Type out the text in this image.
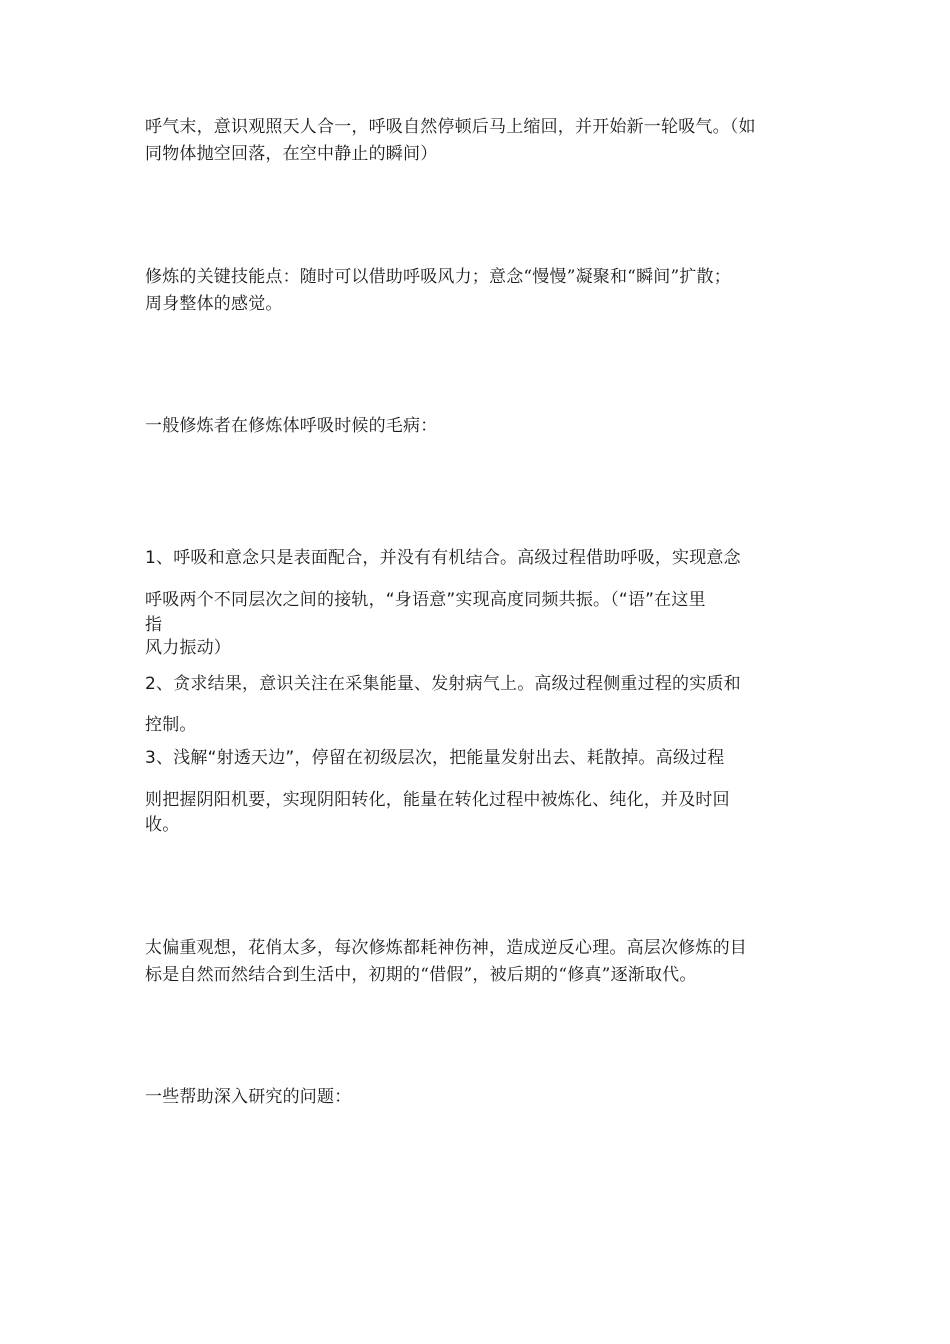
呼气末，意识观照天人合一，呼吸自然停顿后马上缩回，并开始新一轮吸气。（如
同物体抛空回落，在空中静止的瞬间）
修炼的关键技能点：随时可以借助呼吸风力；意念“慢慢”凝聚和“瞬间”扩散；
周身整体的感觉。
一般修炼者在修炼体呼吸时候的毛病：
1、呼吸和意念只是表面配合，并没有有机结合。高级过程借助呼吸，实现意念
呼吸两个不同层次之间的接轨，“身语意”实现高度同频共振。（“语”在这里
指
风力振动）
2、贪求结果，意识关注在采集能量、发射病气上。高级过程侧重过程的实质和
控制。
3、浅解“射透天边”，停留在初级层次，把能量发射出去、耗散掉。高级过程
则把握阴阳机要，实现阴阳转化，能量在转化过程中被炼化、纯化，并及时回
收。
太偏重观想，花俏太多，每次修炼都耗神伤神，造成逆反心理。高层次修炼的目
标是自然而然结合到生活中，初期的“借假”，被后期的“修真”逐渐取代。
一些帮助深入研究的问题：
